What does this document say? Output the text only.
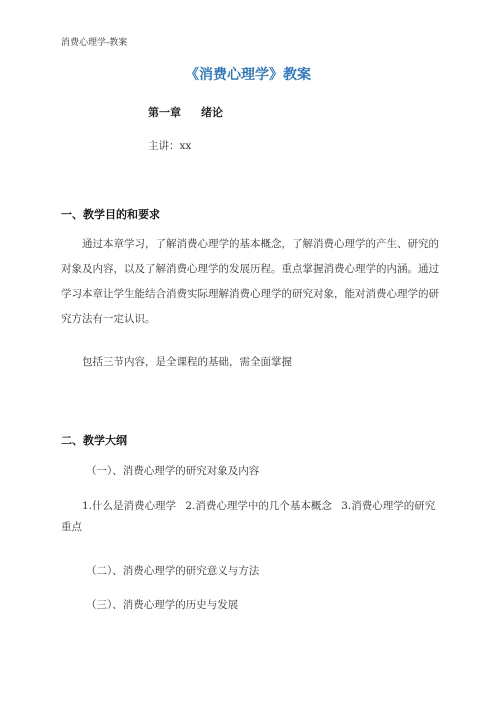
消费心理学-教案
《消费心理学》教案
第一章 绪论
主讲：xx
一、教学目的和要求
通过本章学习，了解消费心理学的基本概念，了解消费心理学的产生、研究的对象及内容，以及了解消费心理学的发展历程。重点掌握消费心理学的内涵。通过学习本章让学生能结合消费实际理解消费心理学的研究对象，能对消费心理学的研究方法有一定认识。
包括三节内容，是全课程的基础，需全面掌握
二、教学大纲
（一）、消费心理学的研究对象及内容
1.什么是消费心理学 2.消费心理学中的几个基本概念 3.消费心理学的研究重点
（二）、消费心理学的研究意义与方法
（三）、消费心理学的历史与发展
